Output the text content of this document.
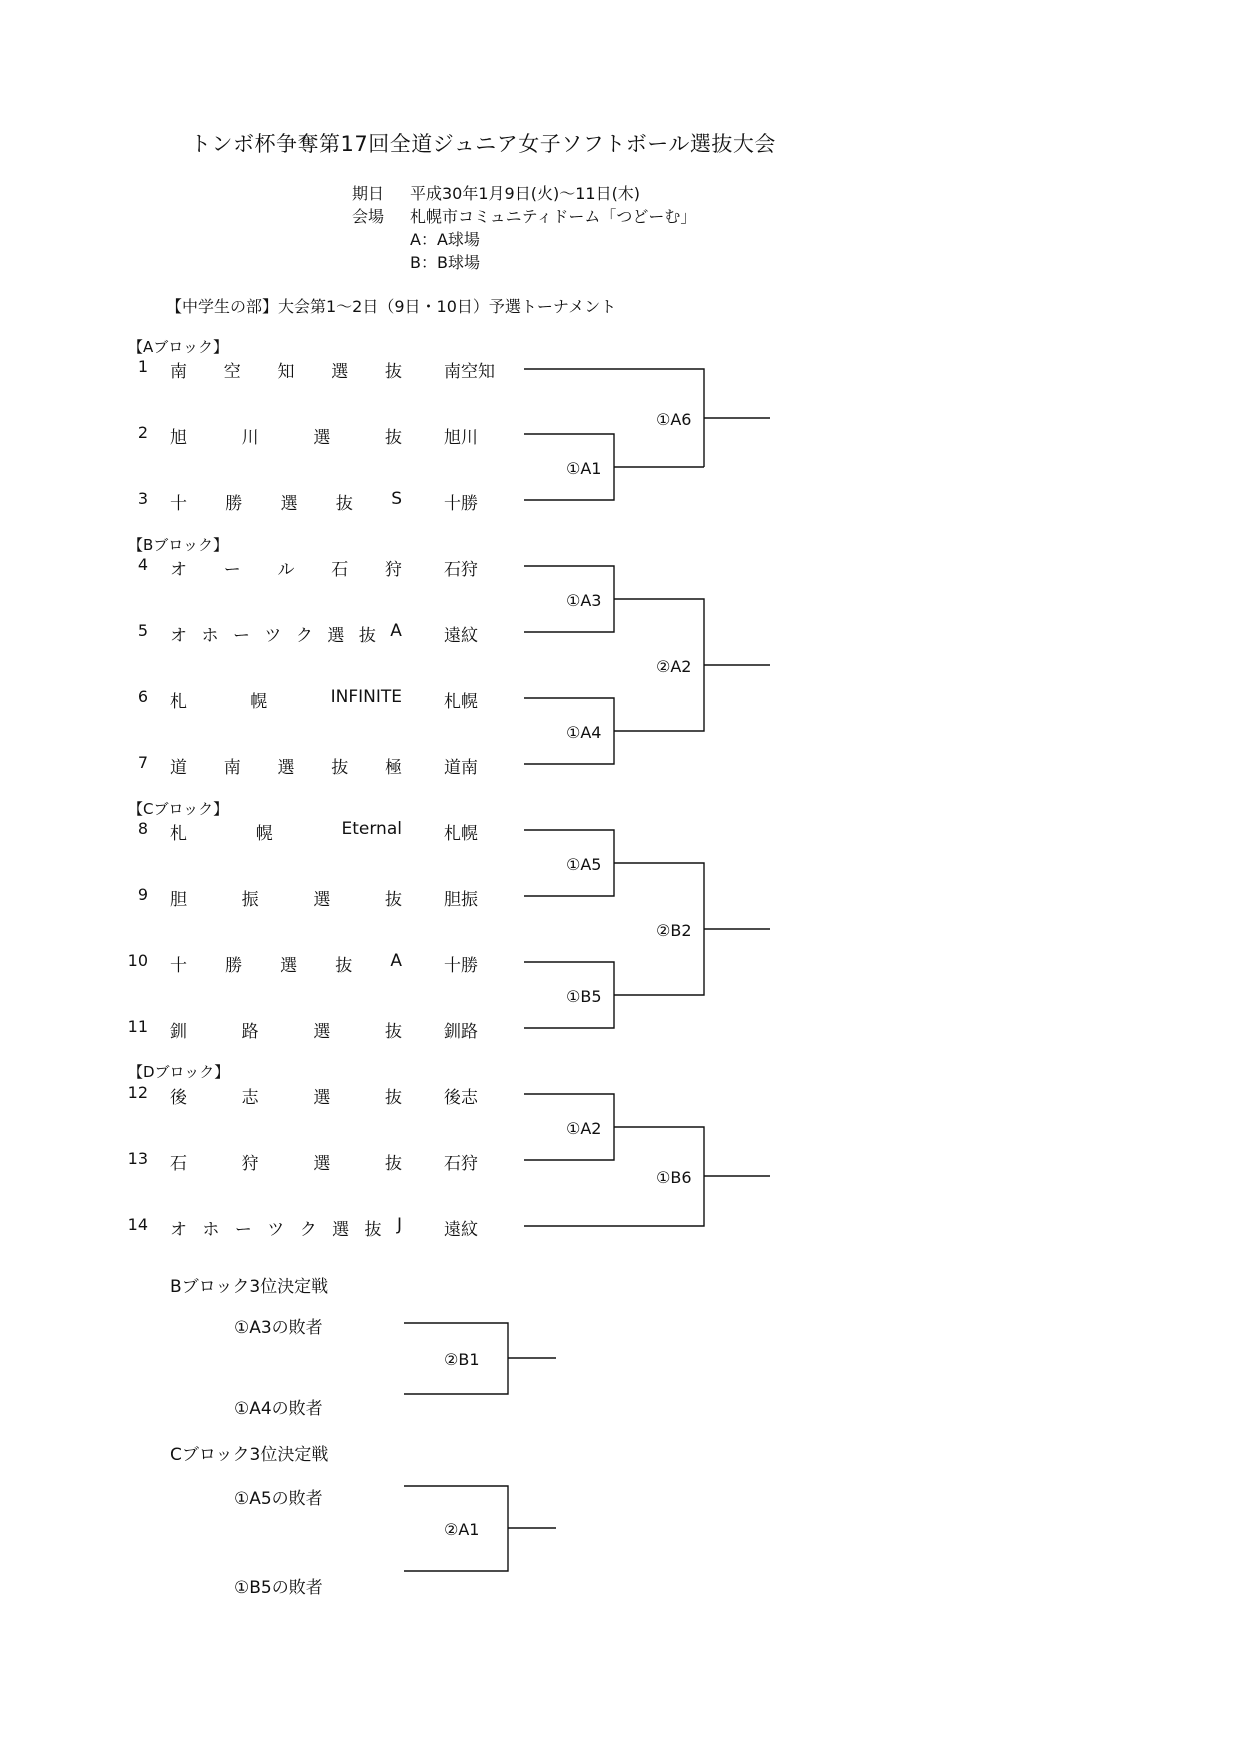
トンボ杯争奪第17回全道ジュニア女子ソフトボール選抜大会
期日 平成30年1月9日(火)～11日(木)
会場 札幌市コミュニティドーム「つどーむ」
A：A球場
B：B球場
【中学生の部】大会第1～2日（9日・10日）予選トーナメント
【Aブロック】
【Bブロック】
【Cブロック】
【Dブロック】
1 南 空 知 選 抜 南空知
2 旭	川	選	抜 旭川
3 十 勝 選 抜 S 十勝
4 オ ー ル 石 狩 石狩
5 オ ホ ー ツ ク 選 抜 A 遠紋
6 札	幌	INFINITE 札幌
7 道 南 選 抜 極 道南
8 札	幌	Eternal 札幌
9 胆	振	選	抜 胆振
10 十 勝 選 抜 A 十勝
11 釧	路	選	抜 釧路
12 後	志	選	抜 後志
13 石	狩	選	抜 石狩
14 オ ホ ー ツ ク 選 抜 J 遠紋
①A1
①A6
①A3
①A4
②A2
①A5
①B5
②B2
①A2
①B6
Bブロック3位決定戦
①A3の敗者
①A4の敗者
②B1
Cブロック3位決定戦
①A5の敗者
①B5の敗者
②A1
